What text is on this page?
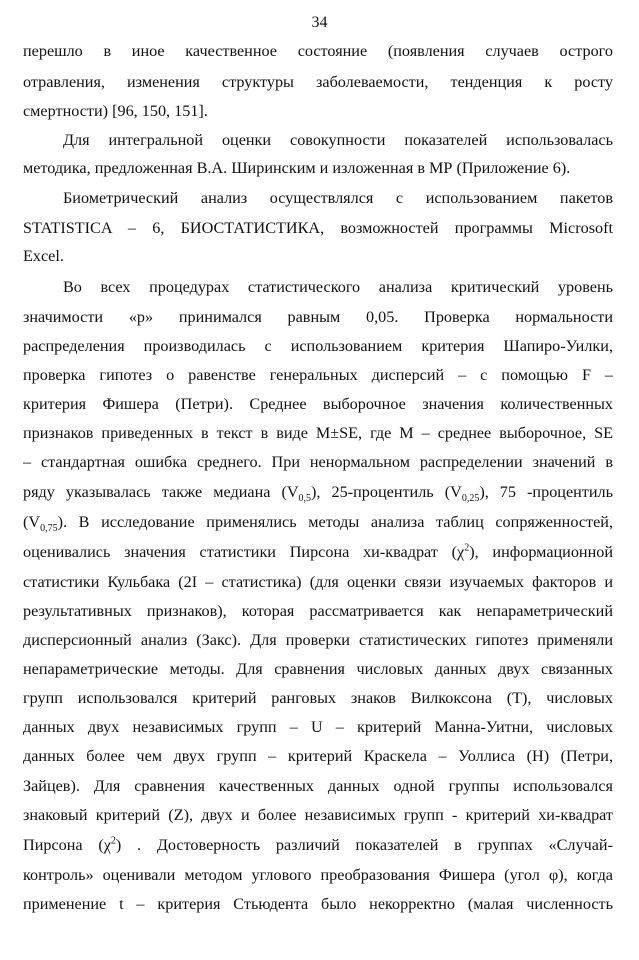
34
перешло в иное качественное состояние (появления случаев острого
отравления, изменения структуры заболеваемости, тенденция к росту
смертности) [96, 150, 151].
Для интегральной оценки совокупности показателей использовалась
методика, предложенная В.А. Ширинским и изложенная в МР (Приложение 6).
Биометрический анализ осуществлялся с использованием пакетов
STATISTICA – 6, БИОСТАТИСТИКА, возможностей программы Microsoft
Excel.
Во всех процедурах статистического анализа критический уровень
значимости «р» принимался равным 0,05. Проверка нормальности
распределения производилась с использованием критерия Шапиро-Уилки,
проверка гипотез о равенстве генеральных дисперсий – с помощью F –
критерия Фишера (Петри). Среднее выборочное значения количественных
признаков приведенных в текст в виде M±SE, где M – среднее выборочное, SE
– стандартная ошибка среднего. При ненормальном распределении значений в
ряду указывалась также медиана $(V_{0,5})$, 25-процентиль $(V_{0,25})$, 75 -процентиль
$(V_{0,75})$. В исследование применялись методы анализа таблиц сопряженностей,
оценивались значения статистики Пирсона хи-квадрат $(\chi^2)$, информационной
статистики Кульбака (2I – статистика) (для оценки связи изучаемых факторов и
результативных признаков), которая рассматривается как непараметрический
дисперсионный анализ (Закс). Для проверки статистических гипотез применяли
непараметрические методы. Для сравнения числовых данных двух связанных
групп использовался критерий ранговых знаков Вилкоксона (Т), числовых
данных двух независимых групп – U – критерий Манна-Уитни, числовых
данных более чем двух групп – критерий Краскела – Уоллиса (Н) (Петри,
Зайцев). Для сравнения качественных данных одной группы использовался
знаковый критерий (Z), двух и более независимых групп - критерий хи-квадрат
Пирсона $(\chi^2)$ . Достоверность различий показателей в группах «Случай-
контроль» оценивали методом углового преобразования Фишера (угол φ), когда
применение t – критерия Стьюдента было некорректно (малая численность
